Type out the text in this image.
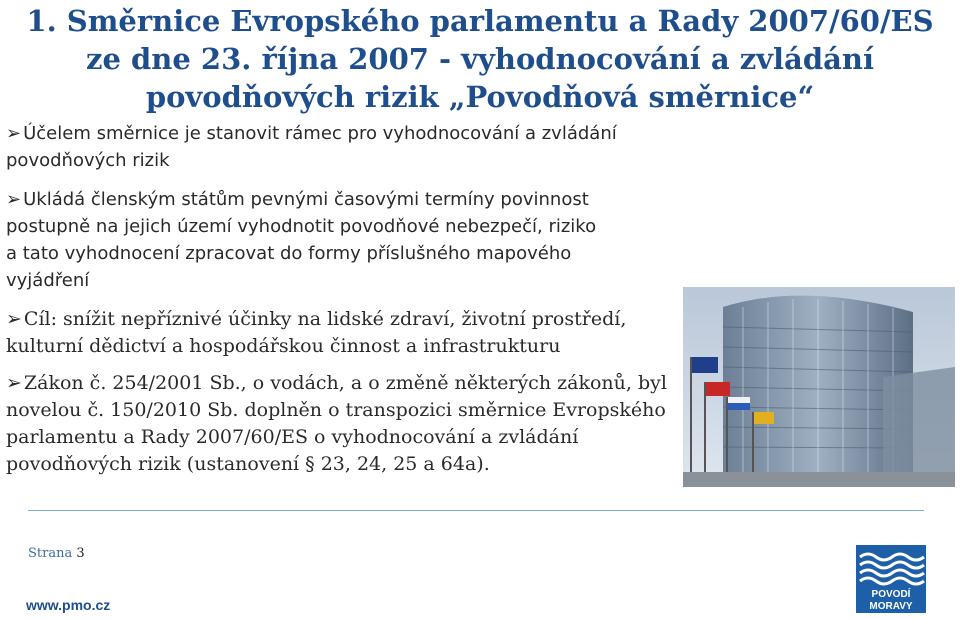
1. Směrnice Evropského parlamentu a Rady 2007/60/ES
ze dne 23. října 2007 - vyhodnocování a zvládání
povodňových rizik „Povodňová směrnice“
➢ Účelem směrnice je stanovit rámec pro vyhodnocování a zvládání
povodňových rizik
➢ Ukládá členským státům pevnými časovými termíny povinnost
postupně na jejich území vyhodnotit povodňové nebezpečí, riziko
a tato vyhodnocení zpracovat do formy příslušného mapového
vyjádření
➢ Cíl: snížit nepříznivé účinky na lidské zdraví, životní prostředí,
kulturní dědictví a hospodářskou činnost a infrastrukturu
➢ Zákon č. 254/2001 Sb., o vodách, a o změně některých zákonů, byl
novelou č. 150/2010 Sb. doplněn o transpozici směrnice Evropského
parlamentu a Rady 2007/60/ES o vyhodnocování a zvládání
povodňových rizik (ustanovení § 23, 24, 25 a 64a).
Strana 3
www.pmo.cz
POVODÍ
MORAVY
